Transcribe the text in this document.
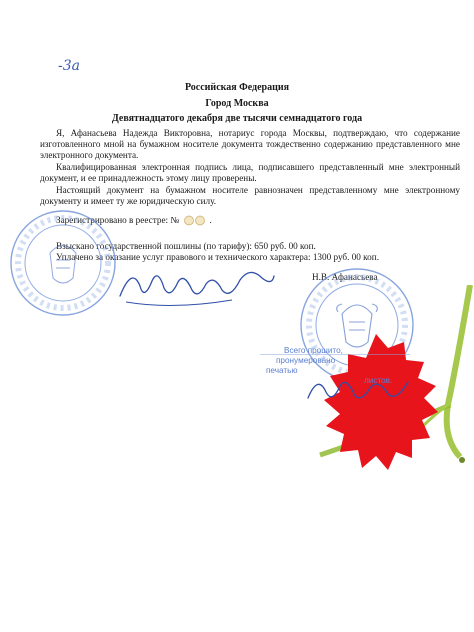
-3a
Российская Федерация
Город Москва
Девятнадцатого декабря две тысячи семнадцатого года
Я, Афанасьева Надежда Викторовна, нотариус города Москвы, подтверждаю, что содержание изготовленного мной на бумажном носителе документа тождественно содержанию представленного мне электронного документа.
Квалифицированная электронная подпись лица, подписавшего представленный мне электронный документ, и ее принадлежность этому лицу проверены.
Настоящий документ на бумажном носителе равнозначен представленному мне электронному документу и имеет ту же юридическую силу.
Зарегистрировано в реестре: №	.
Взыскано государственной пошлины (по тарифу): 650 руб. 00 коп.
Уплачено за оказание услуг правового и технического характера: 1300 руб. 00 коп.
Н.В. Афанасьева
Всего прошито,
пронумеровано
печатью
листов.
